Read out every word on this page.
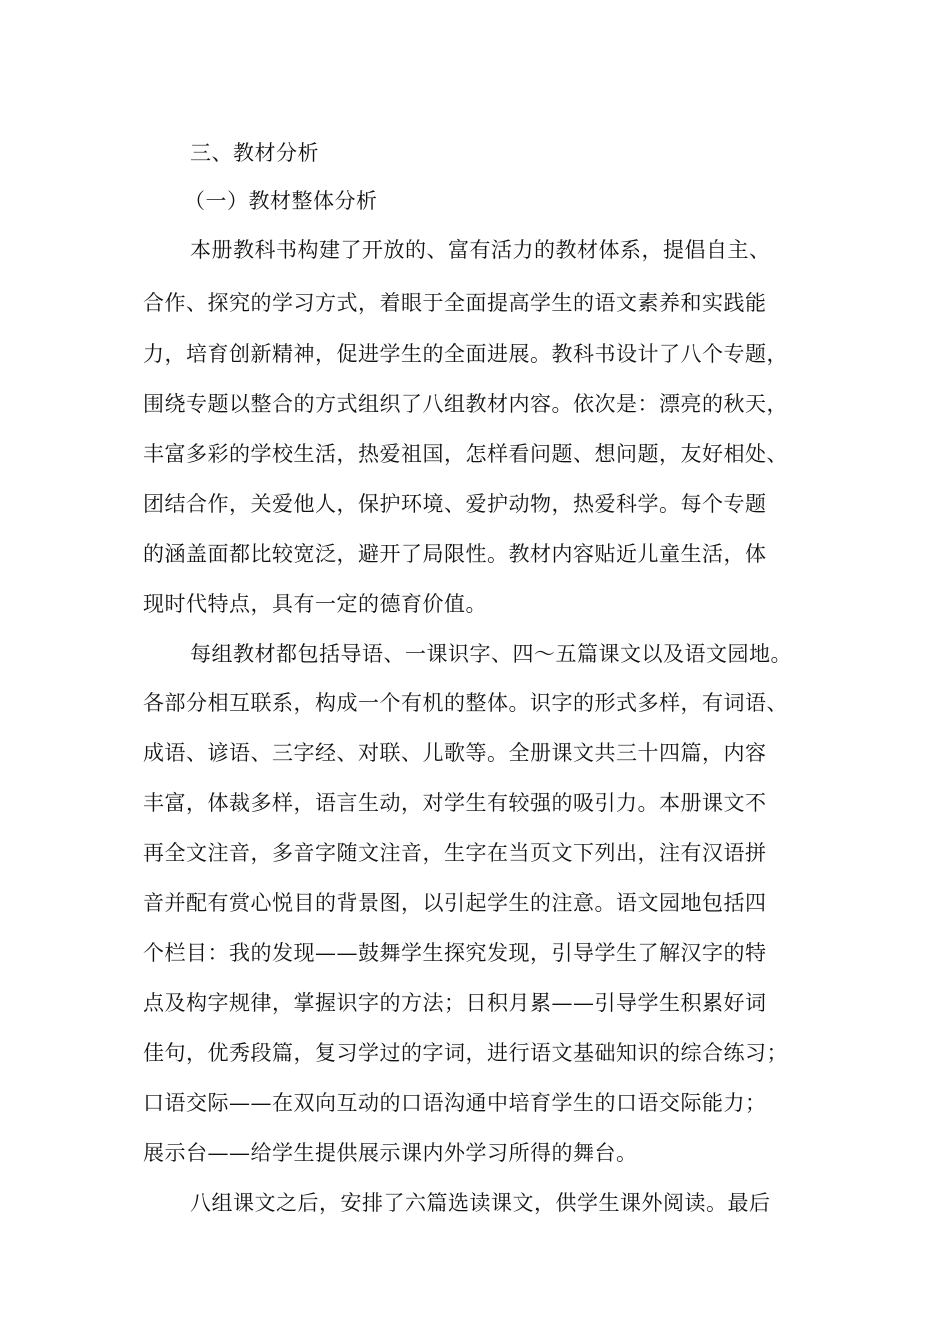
三、教材分析
（一）教材整体分析
本册教科书构建了开放的、富有活力的教材体系，提倡自主、
合作、探究的学习方式，着眼于全面提高学生的语文素养和实践能
力，培育创新精神，促进学生的全面进展。教科书设计了八个专题，
围绕专题以整合的方式组织了八组教材内容。依次是：漂亮的秋天，
丰富多彩的学校生活，热爱祖国，怎样看问题、想问题，友好相处、
团结合作，关爱他人，保护环境、爱护动物，热爱科学。每个专题
的涵盖面都比较宽泛，避开了局限性。教材内容贴近儿童生活，体
现时代特点，具有一定的德育价值。
每组教材都包括导语、一课识字、四～五篇课文以及语文园地。
各部分相互联系，构成一个有机的整体。识字的形式多样，有词语、
成语、谚语、三字经、对联、儿歌等。全册课文共三十四篇，内容
丰富，体裁多样，语言生动，对学生有较强的吸引力。本册课文不
再全文注音，多音字随文注音，生字在当页文下列出，注有汉语拼
音并配有赏心悦目的背景图，以引起学生的注意。语文园地包括四
个栏目：我的发现——鼓舞学生探究发现，引导学生了解汉字的特
点及构字规律，掌握识字的方法；日积月累——引导学生积累好词
佳句，优秀段篇，复习学过的字词，进行语文基础知识的综合练习；
口语交际——在双向互动的口语沟通中培育学生的口语交际能力；
展示台——给学生提供展示课内外学习所得的舞台。
八组课文之后，安排了六篇选读课文，供学生课外阅读。最后
